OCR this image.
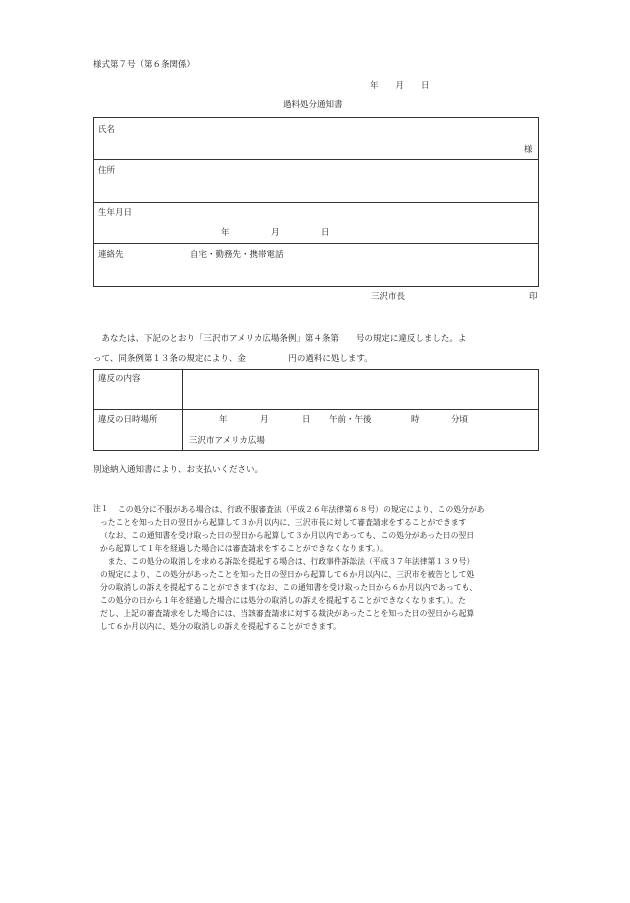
様式第７号（第６条関係）
年　　月　　日
過料処分通知書
氏名
様
住所
生年月日
年	月	日
連絡先	自宅・勤務先・携帯電話
三沢市長	印
　あなたは、下記のとおり「三沢市アメリカ広場条例」第４条第　　号の規定に違反しました。よ
って、同条例第１３条の規定により、金　　　　　円の過料に処します。
違反の内容
違反の日時場所	年	月	日 午前・午後	時	分頃
三沢市アメリカ広場
別途納入通知書により、お支払いください。
注１	この処分に不服がある場合は、行政不服審査法（平成２６年法律第６８号）の規定により、この処分があ
ったことを知った日の翌日から起算して３か月以内に、三沢市長に対して審査請求をすることができます
（なお、この通知書を受け取った日の翌日から起算して３か月以内であっても、この処分があった日の翌日
から起算して１年を経過した場合には審査請求をすることができなくなります。）。
　また、この処分の取消しを求める訴訟を提起する場合は、行政事件訴訟法（平成３７年法律第１３９号）
の規定により、この処分があったことを知った日の翌日から起算して６か月以内に、三沢市を被告として処
分の取消しの訴えを提起することができます(なお、この通知書を受け取った日から６か月以内であっても、
この処分の日から１年を経過した場合には処分の取消しの訴えを提起することができなくなります。）。た
だし、上記の審査請求をした場合には、当該審査請求に対する裁決があったことを知った日の翌日から起算
して６か月以内に、処分の取消しの訴えを提起することができます。
